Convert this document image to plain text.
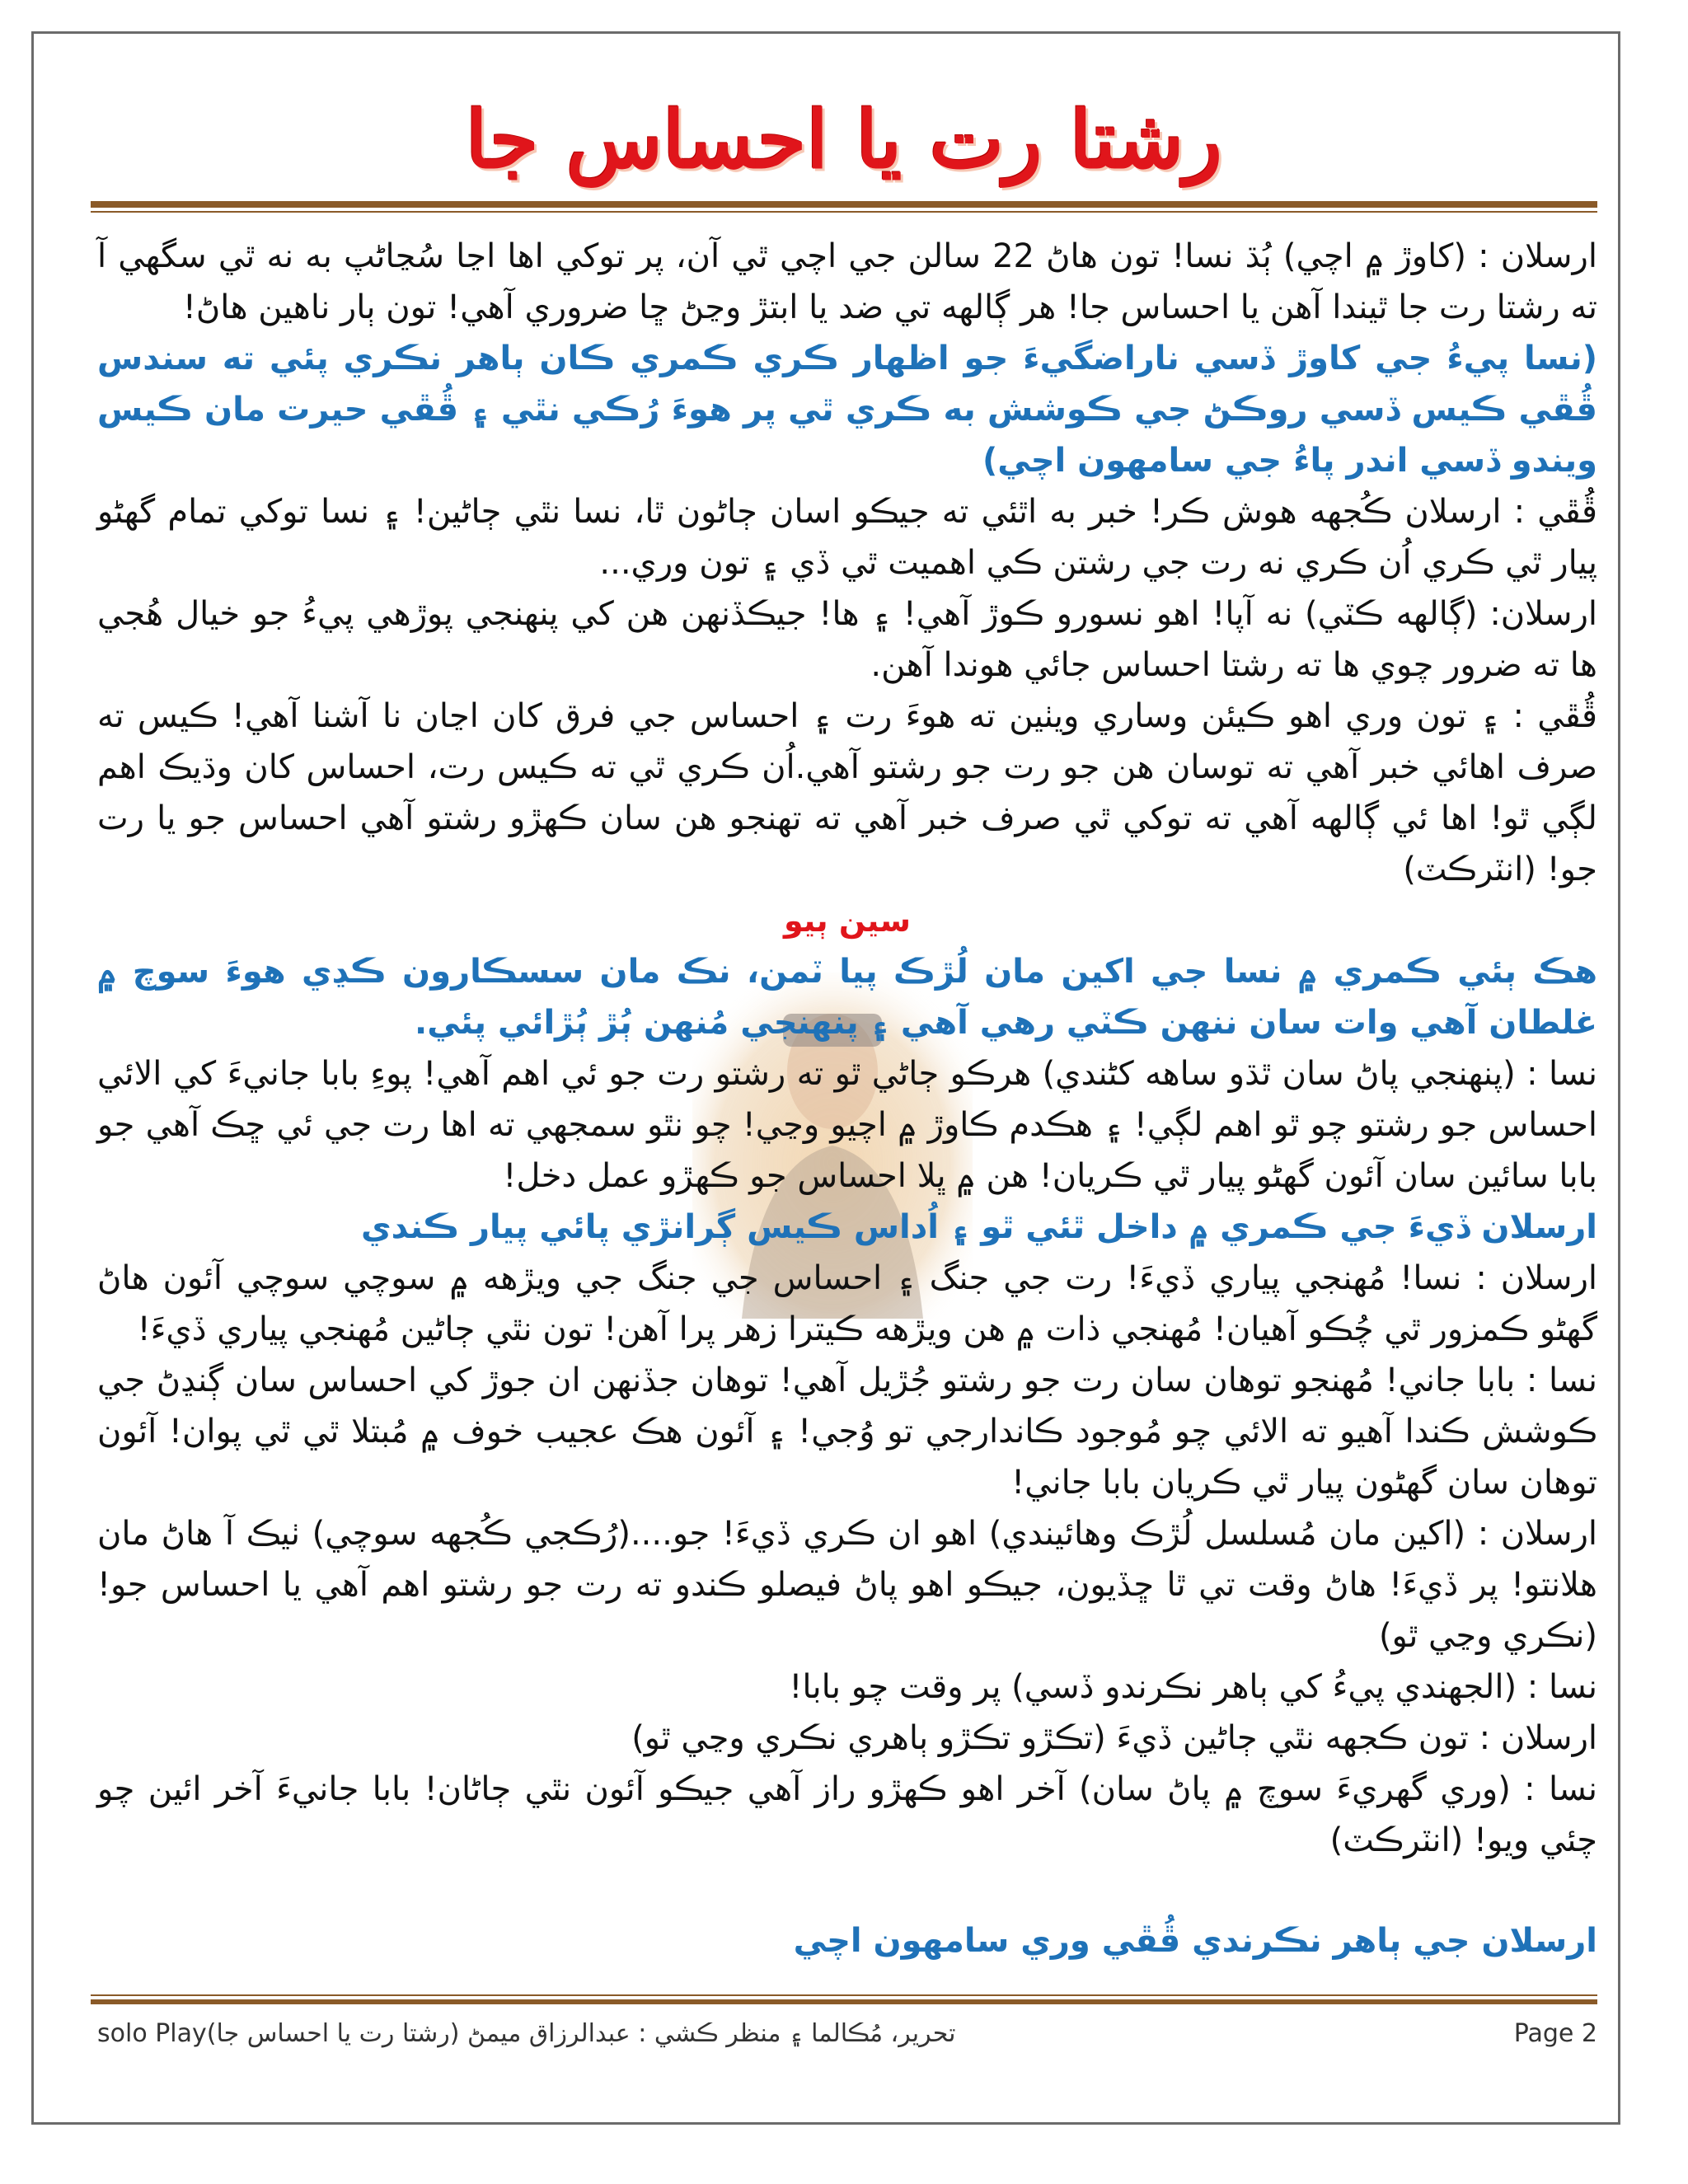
رشتا رت يا احساس جا

ارسلان : (کاوڙ ۾ اچي) ٻُڌ نسا! تون هاڻ 22 سالن جي اچي ٿي آن، پر توکي اها اڃا سُڃاڻپ به نه ٿي سگهي آ ته رشتا رت جا ٿيندا آهن يا احساس جا! هر ڳالهه تي ضد يا ابتڙ وڃڻ ڇا ضروري آهي! تون ٻار ناهين هاڻ!

(نسا پيءُ جي کاوڙ ڏسي ناراضگيءَ جو اظهار ڪري ڪمري ڪان ٻاهر نڪري پئي ته سندس ڦُڦي ڪيس ڏسي روڪڻ جي ڪوشش به ڪري ٿي پر هوءَ رُڪي نٿي ۽ ڦُڦي حيرت مان ڪيس ويندو ڏسي اندر پاءُ جي سامهون اچي)

ڦُڦي : ارسلان ڪُجهه هوش ڪر! خبر به اٿئي ته جيڪو اسان ڄاڻون ٿا، نسا نٿي ڄاڻين! ۽ نسا توکي تمام گهڻو پيار ٿي ڪري اُن ڪري نه رت جي رشتن ڪي اهميت ٿي ڏي ۽ تون وري...

ارسلان: (ڳالهه ڪٽي) نه آپا! اهو نسورو ڪوڙ آهي! ۽ ها! جيڪڏنهن هن کي پنهنجي پوڙهي پيءُ جو خيال هُجي ها ته ضرور چوي ها ته رشتا احساس جائي هوندا آهن.

ڦُڦي : ۽ تون وري اهو ڪيئن وساري ويٺين ته هوءَ رت ۽ احساس جي فرق کان اڃان نا آشنا آهي! ڪيس ته صرف اهائي خبر آهي ته توسان هن جو رت جو رشتو آهي.اُن ڪري ٿي ته ڪيس رت، احساس کان وڌيڪ اهم لڳي ٿو! اها ئي ڳالهه آهي ته توکي ٿي صرف خبر آهي ته تهنجو هن سان ڪهڙو رشتو آهي احساس جو يا رت جو! (انٽرڪٽ)

سين ٻيو

هڪ ٻئي ڪمري ۾ نسا جي اکين مان لُڙڪ پيا ٽمن، نڪ مان سسڪارون ڪڍي هوءَ سوچ ۾ غلطان آهي وات سان ننهن ڪٽي رهي آهي ۽ پنهنجي مُنهن ٻُڙ ٻُڙائي پئي.

نسا : (پنهنجي پاڻ سان ٿڌو ساهه کڻندي) هرڪو ڄاڻي ٿو ته رشتو رت جو ئي اهم آهي! پوءِ بابا جانيءَ کي الائي احساس جو رشتو چو ٿو اهم لڳي! ۽ هڪدم ڪاوڙ ۾ اچيو وڃي! چو نٿو سمجهي ته اها رت جي ئي ڇڪ آهي جو بابا سائين سان آئون گهڻو پيار ٿي ڪريان! هن ۾ ڀلا احساس جو ڪهڙو عمل دخل!

ارسلان ڏيءَ جي ڪمري ۾ داخل ٿئي ٿو ۽ اُداس ڪيس ڳرانڙي پائي پيار ڪندي

ارسلان : نسا! مُهنجي پياري ڏيءَ! رت جي جنگ ۽ احساس جي جنگ جي ويڙهه ۾ سوچي سوچي آئون هاڻ گهڻو ڪمزور ٿي چُڪو آهيان! مُهنجي ذات ۾ هن ويڙهه ڪيترا زهر پرا آهن! تون نٿي ڄاڻين مُهنجي پياري ڏيءَ!

نسا : بابا جاني! مُهنجو توهان سان رت جو رشتو جُڙيل آهي! توهان جڏنهن ان جوڙ کي احساس سان ڳنڍڻ جي ڪوشش ڪندا آهيو ته الائي چو مُوجود ڪاندارجي تو وُجي! ۽ آئون هڪ عجيب خوف ۾ مُبتلا ٿي ٿي پوان! آئون توهان سان گهڻون پيار ٿي ڪريان بابا جاني!

ارسلان : (اکين مان مُسلسل لُڙڪ وهائيندي) اهو ان ڪري ڏيءَ! جو....(رُڪجي ڪُجهه سوچي) ٺيڪ آ هاڻ مان هلانتو! پر ڏيءَ! هاڻ وقت تي ٿا ڇڏيون، جيڪو اهو پاڻ فيصلو ڪندو ته رت جو رشتو اهم آهي يا احساس جو! (نڪري وڃي ٿو)

نسا : (الجهندي پيءُ کي ٻاهر نڪرندو ڏسي) پر وقت چو بابا!

ارسلان : تون ڪجهه نٿي ڄاڻين ڏيءَ (تڪڙو تڪڙو ٻاهري نڪري وڃي ٿو)

نسا : (وري گهريءَ سوچ ۾ پاڻ سان) آخر اهو ڪهڙو راز آهي جيڪو آئون نٿي ڄاڻان! بابا جانيءَ آخر ائين چو چئي ويو! (انٽرڪٽ)

ارسلان جي ٻاهر نڪرندي ڦُڦي وري سامهون اچي

solo Play(رشتا رت يا احساس جا) تحرير، مُڪالما ۽ منظر ڪشي : عبدالرزاق ميمڻ	Page 2
